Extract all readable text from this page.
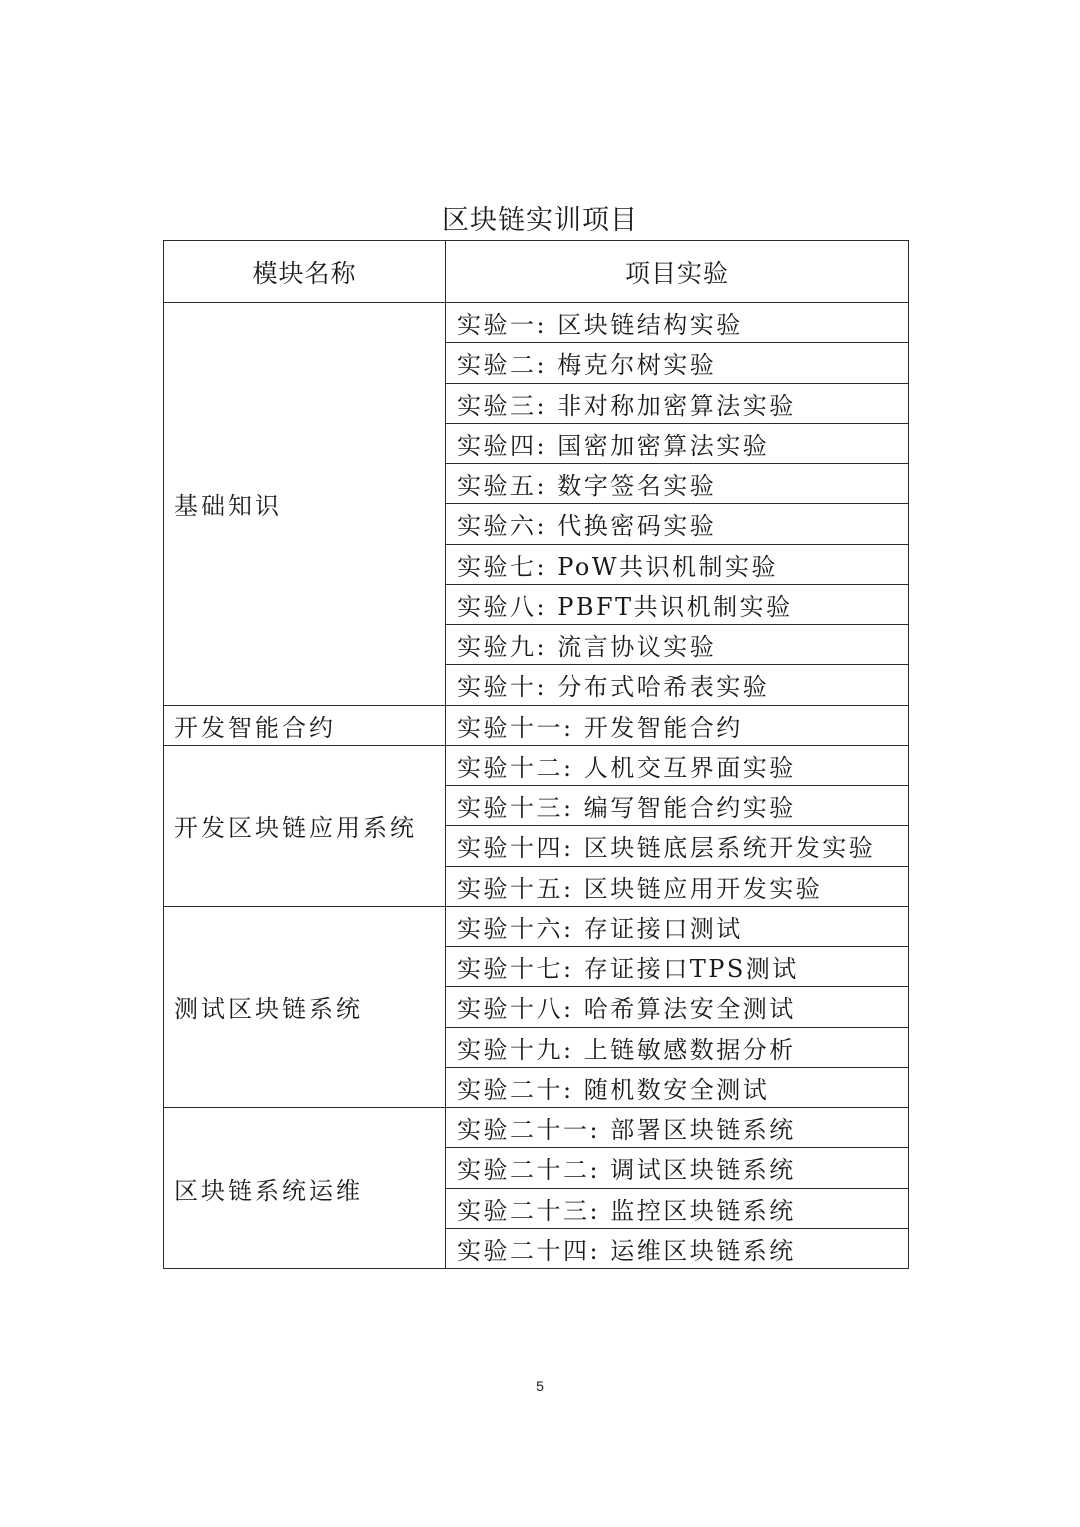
区块链实训项目
模块名称	项目实验
基础知识	实验一: 区块链结构实验
	实验二: 梅克尔树实验
	实验三: 非对称加密算法实验
	实验四: 国密加密算法实验
	实验五: 数字签名实验
	实验六: 代换密码实验
	实验七: PoW共识机制实验
	实验八: PBFT共识机制实验
	实验九: 流言协议实验
	实验十: 分布式哈希表实验
开发智能合约	实验十一: 开发智能合约
开发区块链应用系统	实验十二: 人机交互界面实验
	实验十三: 编写智能合约实验
	实验十四: 区块链底层系统开发实验
	实验十五: 区块链应用开发实验
测试区块链系统	实验十六: 存证接口测试
	实验十七: 存证接口TPS测试
	实验十八: 哈希算法安全测试
	实验十九: 上链敏感数据分析
	实验二十: 随机数安全测试
区块链系统运维	实验二十一: 部署区块链系统
	实验二十二: 调试区块链系统
	实验二十三: 监控区块链系统
	实验二十四: 运维区块链系统
5
